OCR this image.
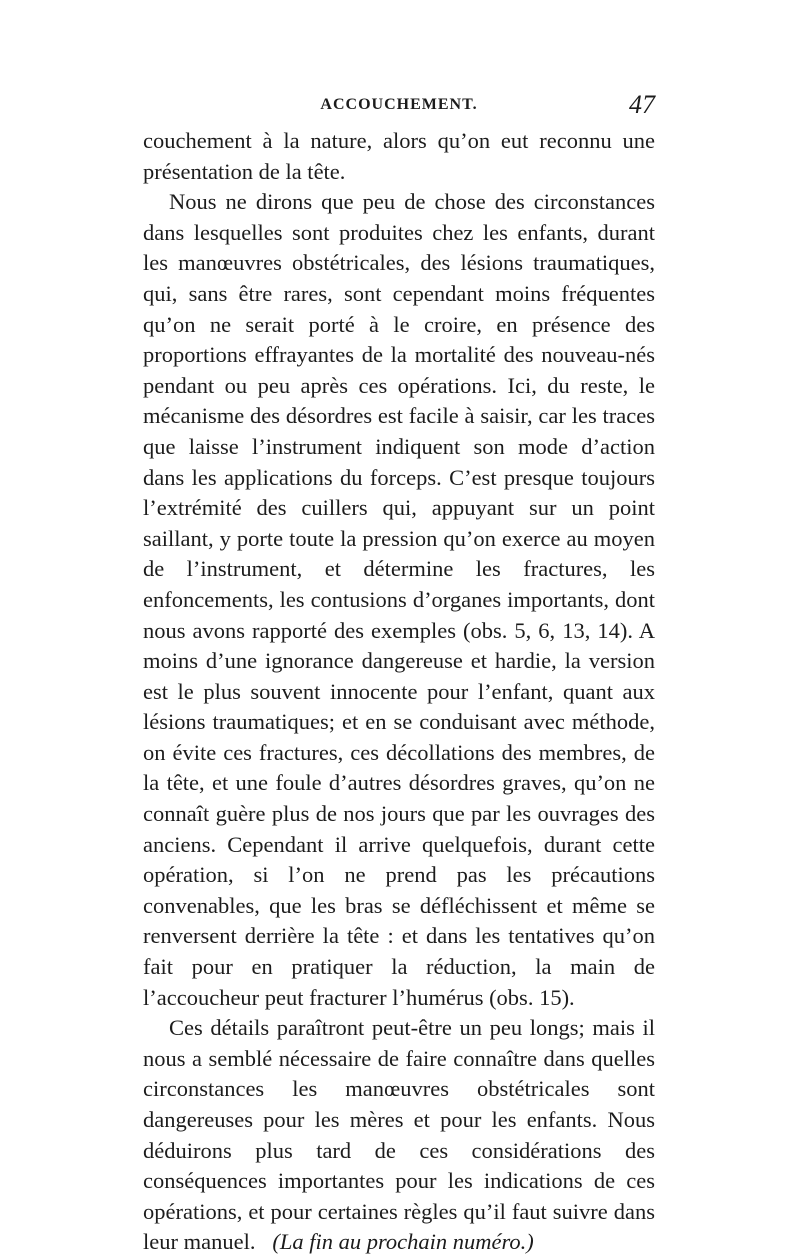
ACCOUCHEMENT.	47

couchement à la nature, alors qu’on eut reconnu une présentation de la tête.

Nous ne dirons que peu de chose des circonstances dans lesquelles sont produites chez les enfants, durant les manœuvres obstétricales, des lésions traumatiques, qui, sans être rares, sont cependant moins fréquentes qu’on ne serait porté à le croire, en présence des proportions effrayantes de la mortalité des nouveau-nés pendant ou peu après ces opérations. Ici, du reste, le mécanisme des désordres est facile à saisir, car les traces que laisse l’instrument indiquent son mode d’action dans les applications du forceps. C’est presque toujours l’extrémité des cuillers qui, appuyant sur un point saillant, y porte toute la pression qu’on exerce au moyen de l’instrument, et détermine les fractures, les enfoncements, les contusions d’organes importants, dont nous avons rapporté des exemples (obs. 5, 6, 13, 14). A moins d’une ignorance dangereuse et hardie, la version est le plus souvent innocente pour l’enfant, quant aux lésions traumatiques; et en se conduisant avec méthode, on évite ces fractures, ces décollations des membres, de la tête, et une foule d’autres désordres graves, qu’on ne connaît guère plus de nos jours que par les ouvrages des anciens. Cependant il arrive quelquefois, durant cette opération, si l’on ne prend pas les précautions convenables, que les bras se défléchissent et même se renversent derrière la tête : et dans les tentatives qu’on fait pour en pratiquer la réduction, la main de l’accoucheur peut fracturer l’humérus (obs. 15).

Ces détails paraîtront peut-être un peu longs; mais il nous a semblé nécessaire de faire connaître dans quelles circonstances les manœuvres obstétricales sont dangereuses pour les mères et pour les enfants. Nous déduirons plus tard de ces considérations des conséquences importantes pour les indications de ces opérations, et pour certaines règles qu’il faut suivre dans leur manuel. (La fin au prochain numéro.)
